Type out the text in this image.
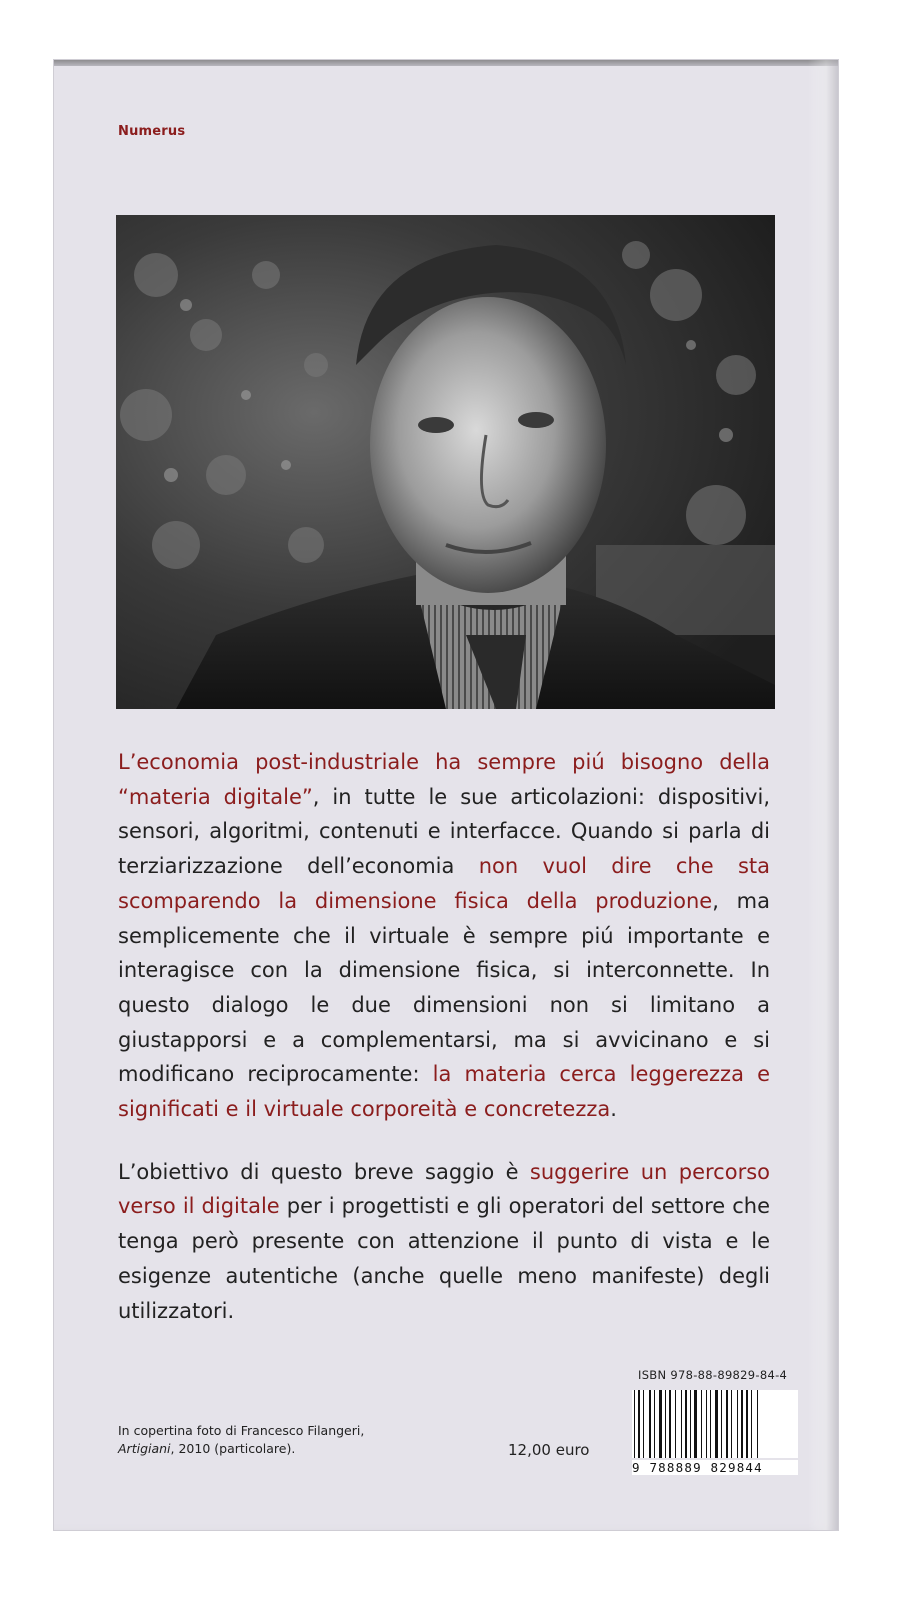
Numerus

L’economia post-industriale ha sempre piú bisogno della “materia digitale”, in tutte le sue articolazioni: dispositivi, sensori, algoritmi, contenuti e interfacce. Quando si parla di terziarizzazione dell’economia non vuol dire che sta scomparendo la dimensione fisica della produzione, ma semplicemente che il virtuale è sempre piú importante e interagisce con la dimensione fisica, si interconnette. In questo dialogo le due dimensioni non si limitano a giustapporsi e a complementarsi, ma si avvicinano e si modificano reciprocamente: la materia cerca leggerezza e significati e il virtuale corporeità e concretezza.

L’obiettivo di questo breve saggio è suggerire un percorso verso il digitale per i progettisti e gli operatori del settore che tenga però presente con attenzione il punto di vista e le esigenze autentiche (anche quelle meno manifeste) degli utilizzatori.

ISBN 978-88-89829-84-4
9 788889 829844
In copertina foto di Francesco Filangeri,
Artigiani, 2010 (particolare).	12,00 euro
